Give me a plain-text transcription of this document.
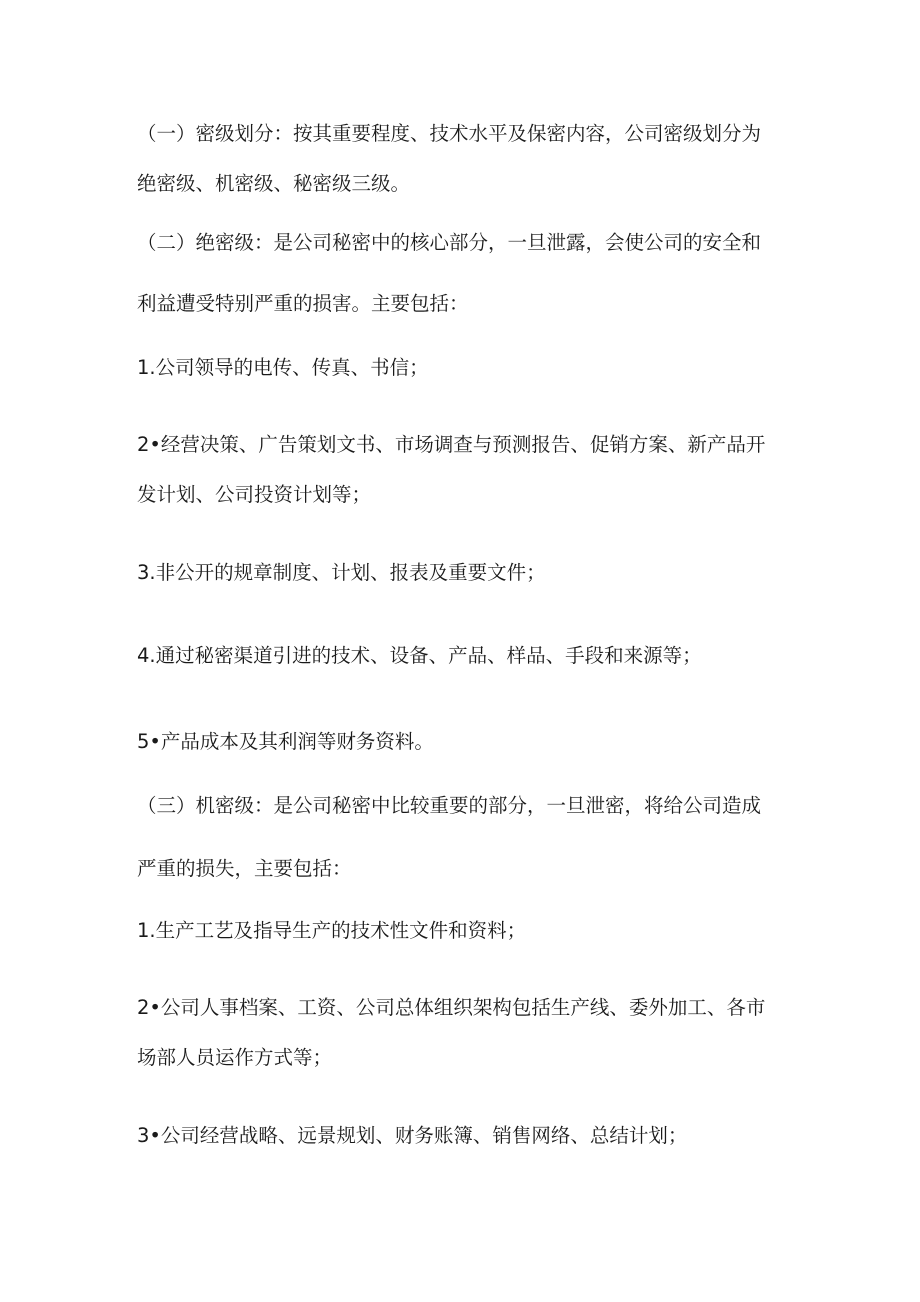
（一）密级划分：按其重要程度、技术水平及保密内容，公司密级划分为
绝密级、机密级、秘密级三级。
（二）绝密级：是公司秘密中的核心部分，一旦泄露，会使公司的安全和
利益遭受特别严重的损害。主要包括：
1.公司领导的电传、传真、书信；
2•经营决策、广告策划文书、市场调查与预测报告、促销方案、新产品开
发计划、公司投资计划等；
3.非公开的规章制度、计划、报表及重要文件；
4.通过秘密渠道引进的技术、设备、产品、样品、手段和来源等；
5•产品成本及其利润等财务资料。
（三）机密级：是公司秘密中比较重要的部分，一旦泄密，将给公司造成
严重的损失，主要包括：
1.生产工艺及指导生产的技术性文件和资料；
2•公司人事档案、工资、公司总体组织架构包括生产线、委外加工、各市
场部人员运作方式等；
3•公司经营战略、远景规划、财务账簿、销售网络、总结计划；
